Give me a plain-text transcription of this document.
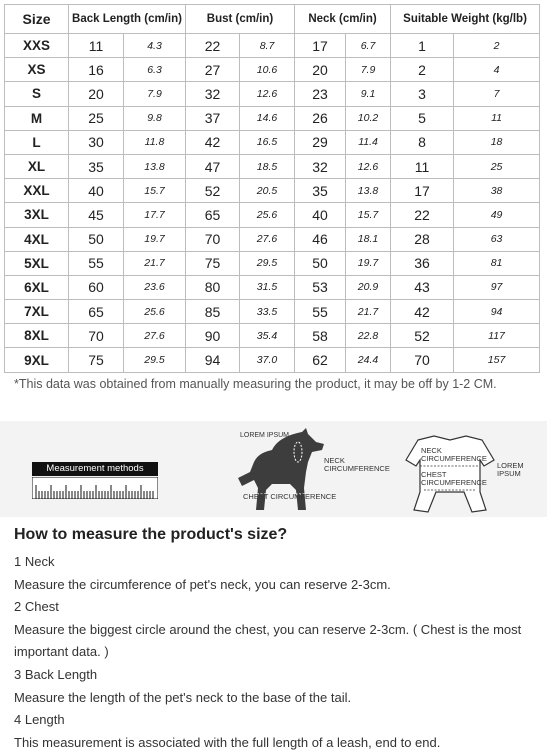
Size	Back Length (cm/in)		Bust (cm/in)		Neck (cm/in)		Suitable Weight (kg/lb)	
XXS	11	4.3	22	8.7	17	6.7	1	2
XS	16	6.3	27	10.6	20	7.9	2	4
S	20	7.9	32	12.6	23	9.1	3	7
M	25	9.8	37	14.6	26	10.2	5	11
L	30	11.8	42	16.5	29	11.4	8	18
XL	35	13.8	47	18.5	32	12.6	11	25
XXL	40	15.7	52	20.5	35	13.8	17	38
3XL	45	17.7	65	25.6	40	15.7	22	49
4XL	50	19.7	70	27.6	46	18.1	28	63
5XL	55	21.7	75	29.5	50	19.7	36	81
6XL	60	23.6	80	31.5	53	20.9	43	97
7XL	65	25.6	85	33.5	55	21.7	42	94
8XL	70	27.6	90	35.4	58	22.8	52	117
9XL	75	29.5	94	37.0	62	24.4	70	157
*This data was obtained from manually measuring the product, it may be off by 1-2 CM.
Measurement methods
LOREM IPSUM
NECK
CIRCUMFERENCE
CHEST CIRCUMFERENCE
NECK
CIRCUMFERENCE
CHEST
CIRCUMFERENCE
LOREM
IPSUM
How to measure the product's size?
1 Neck
Measure the circumference of pet's neck, you can reserve 2-3cm.
2 Chest
Measure the biggest circle around the chest, you can reserve 2-3cm. ( Chest is the most important data. )
3 Back Length
Measure the length of the pet's neck to the base of the tail.
4 Length
This measurement is associated with the full length of a leash, end to end.
